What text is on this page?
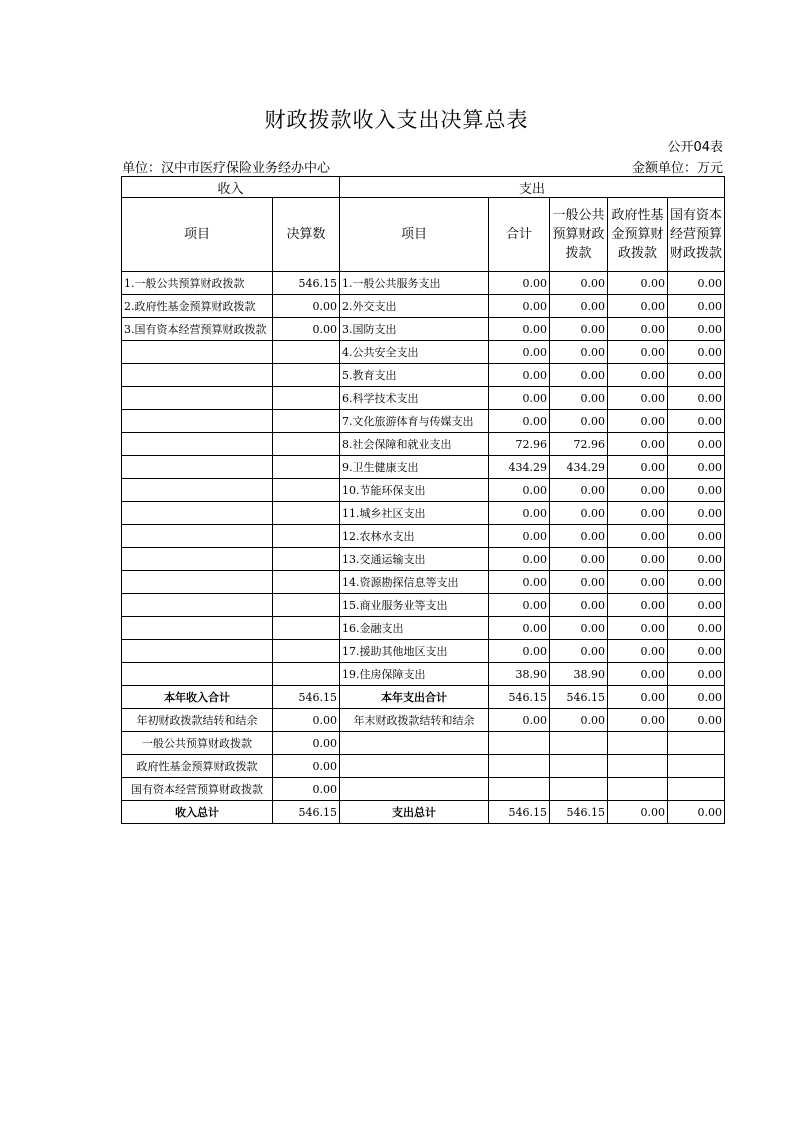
财政拨款收入支出决算总表
公开04表
单位：汉中市医疗保险业务经办中心	金额单位：万元
收入		支出				
项目	决算数	项目	合计	一般公共预算财政拨款	政府性基金预算财政拨款	国有资本经营预算财政拨款
1.一般公共预算财政拨款	546.15	1.一般公共服务支出	0.00	0.00	0.00	0.00
2.政府性基金预算财政拨款	0.00	2.外交支出	0.00	0.00	0.00	0.00
3.国有资本经营预算财政拨款	0.00	3.国防支出	0.00	0.00	0.00	0.00
		4.公共安全支出	0.00	0.00	0.00	0.00
		5.教育支出	0.00	0.00	0.00	0.00
		6.科学技术支出	0.00	0.00	0.00	0.00
		7.文化旅游体育与传媒支出	0.00	0.00	0.00	0.00
		8.社会保障和就业支出	72.96	72.96	0.00	0.00
		9.卫生健康支出	434.29	434.29	0.00	0.00
		10.节能环保支出	0.00	0.00	0.00	0.00
		11.城乡社区支出	0.00	0.00	0.00	0.00
		12.农林水支出	0.00	0.00	0.00	0.00
		13.交通运输支出	0.00	0.00	0.00	0.00
		14.资源勘探信息等支出	0.00	0.00	0.00	0.00
		15.商业服务业等支出	0.00	0.00	0.00	0.00
		16.金融支出	0.00	0.00	0.00	0.00
		17.援助其他地区支出	0.00	0.00	0.00	0.00
		19.住房保障支出	38.90	38.90	0.00	0.00
本年收入合计	546.15	本年支出合计	546.15	546.15	0.00	0.00
年初财政拨款结转和结余	0.00	年末财政拨款结转和结余	0.00	0.00	0.00	0.00
一般公共预算财政拨款	0.00					
政府性基金预算财政拨款	0.00					
国有资本经营预算财政拨款	0.00					
收入总计	546.15	支出总计	546.15	546.15	0.00	0.00
